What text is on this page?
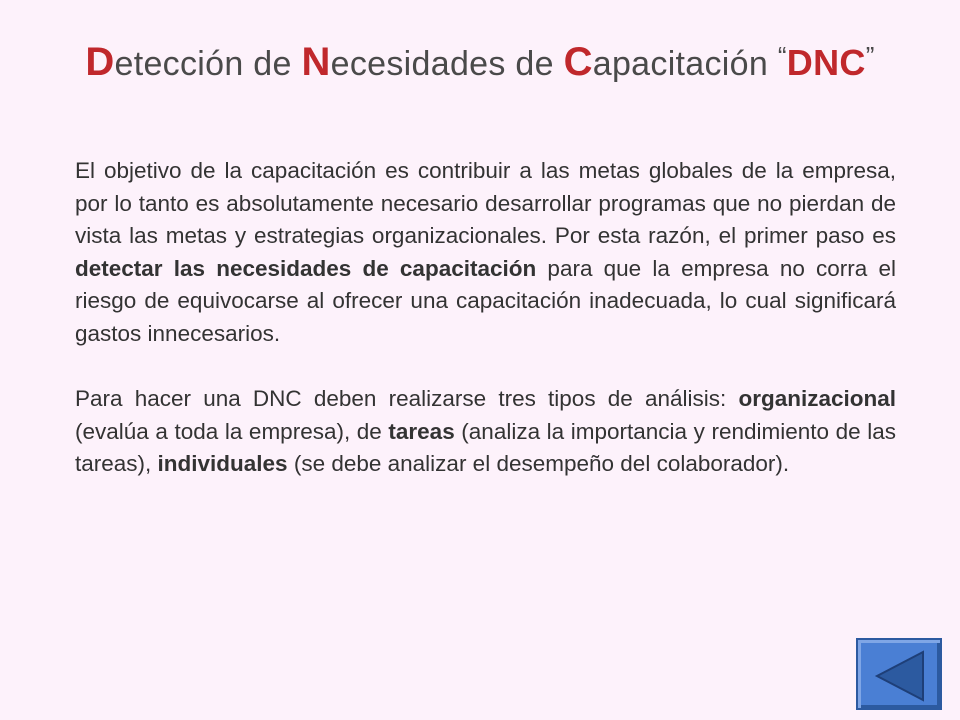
Detección de Necesidades de Capacitación “DNC”

El objetivo de la capacitación es contribuir a las metas globales de la empresa, por lo tanto es absolutamente necesario desarrollar programas que no pierdan de vista las metas y estrategias organizacionales. Por esta razón, el primer paso es detectar las necesidades de capacitación para que la empresa no corra el riesgo de equivocarse al ofrecer una capacitación inadecuada, lo cual significará gastos innecesarios.

Para hacer una DNC deben realizarse tres tipos de análisis: organizacional (evalúa a toda la empresa), de tareas (analiza la importancia y rendimiento de las tareas), individuales (se debe analizar el desempeño del colaborador).
